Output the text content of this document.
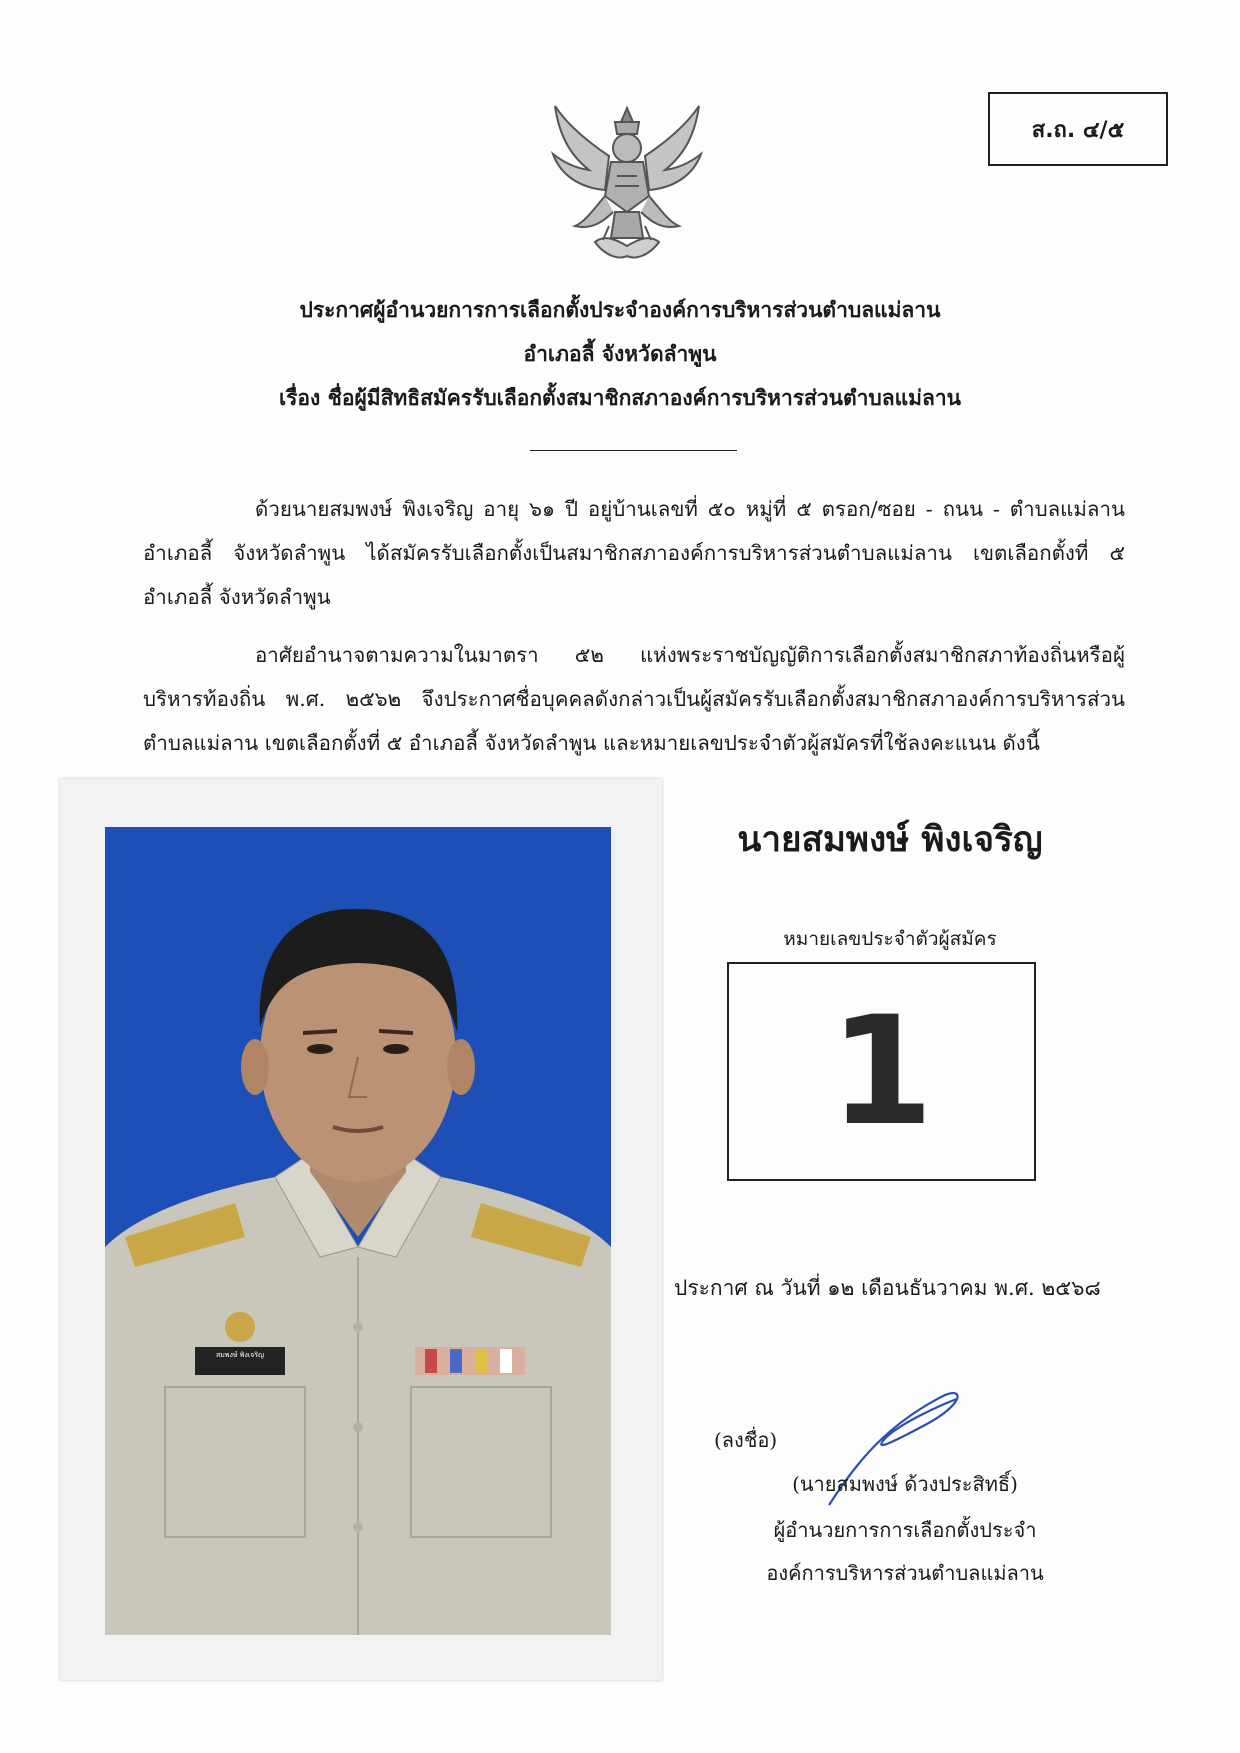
ส.ถ. ๔/๕
ประกาศผู้อำนวยการการเลือกตั้งประจำองค์การบริหารส่วนตำบลแม่ลาน
อำเภอลี้ จังหวัดลำพูน
เรื่อง ชื่อผู้มีสิทธิสมัครรับเลือกตั้งสมาชิกสภาองค์การบริหารส่วนตำบลแม่ลาน
ด้วยนายสมพงษ์ พิงเจริญ อายุ ๖๑ ปี อยู่บ้านเลขที่ ๕๐ หมู่ที่ ๕ ตรอก/ซอย - ถนน - ตำบลแม่ลาน อำเภอลี้ จังหวัดลำพูน ได้สมัครรับเลือกตั้งเป็นสมาชิกสภาองค์การบริหารส่วนตำบลแม่ลาน เขตเลือกตั้งที่ ๕ อำเภอลี้ จังหวัดลำพูน
อาศัยอำนาจตามความในมาตรา ๕๒ แห่งพระราชบัญญัติการเลือกตั้งสมาชิกสภาท้องถิ่นหรือผู้บริหารท้องถิ่น พ.ศ. ๒๕๖๒ จึงประกาศชื่อบุคคลดังกล่าวเป็นผู้สมัครรับเลือกตั้งสมาชิกสภาองค์การบริหารส่วนตำบลแม่ลาน เขตเลือกตั้งที่ ๕ อำเภอลี้ จังหวัดลำพูน และหมายเลขประจำตัวผู้สมัครที่ใช้ลงคะแนน ดังนี้
สมพงษ์ พิงเจริญ
นายสมพงษ์ พิงเจริญ
หมายเลขประจำตัวผู้สมัคร
1
ประกาศ ณ วันที่ ๑๒ เดือนธันวาคม พ.ศ. ๒๕๖๘
(ลงชื่อ)
(นายสมพงษ์ ด้วงประสิทธิ์)
ผู้อำนวยการการเลือกตั้งประจำ
องค์การบริหารส่วนตำบลแม่ลาน
